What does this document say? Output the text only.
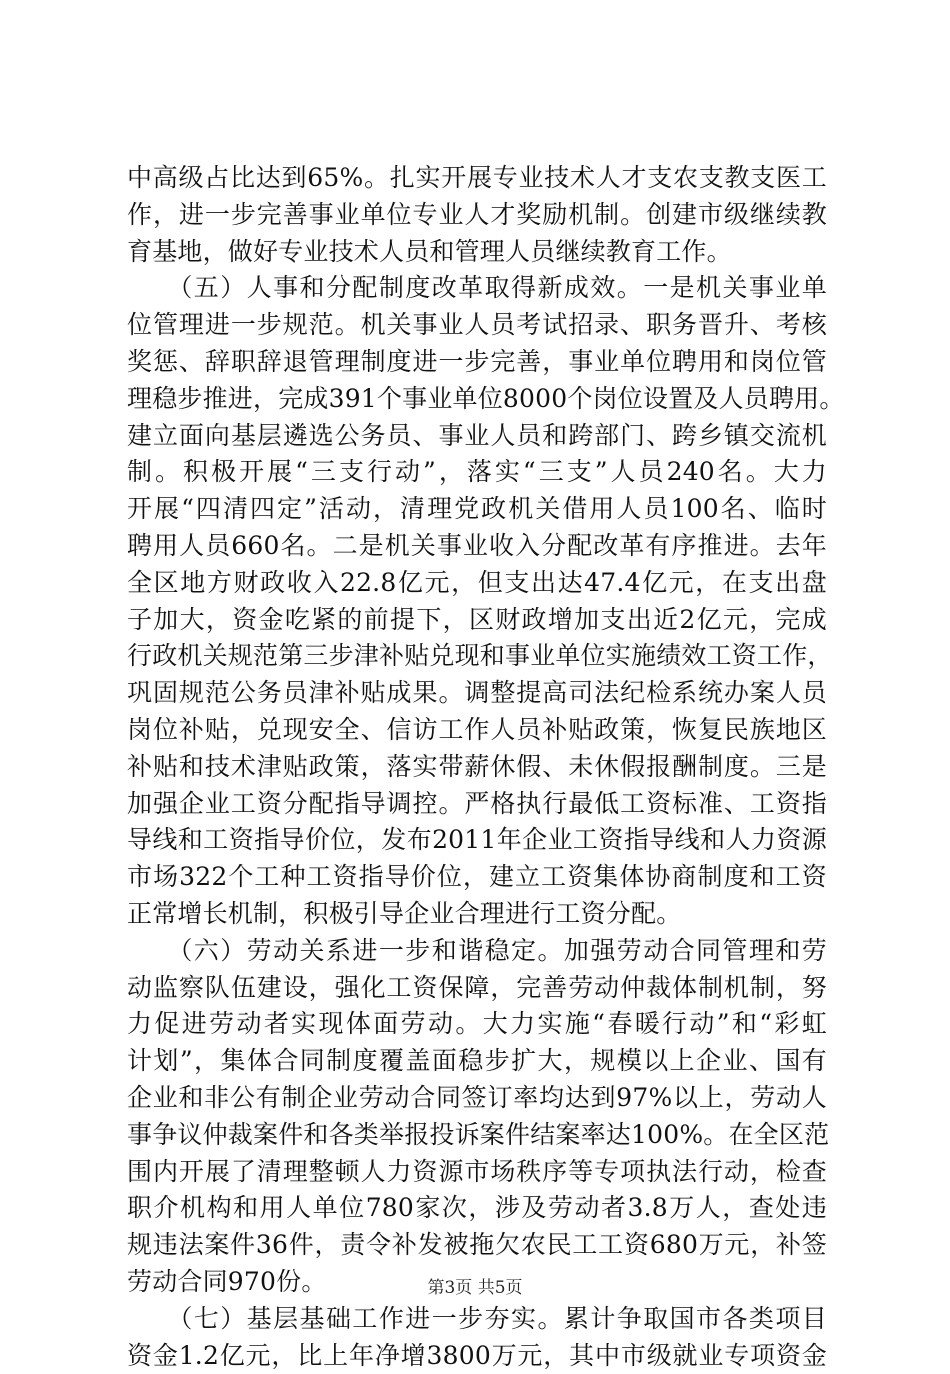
中高级占比达到65%。扎实开展专业技术人才支农支教支医工
作，进一步完善事业单位专业人才奖励机制。创建市级继续教
育基地，做好专业技术人员和管理人员继续教育工作。
　　（五）人事和分配制度改革取得新成效。一是机关事业单
位管理进一步规范。机关事业人员考试招录、职务晋升、考核
奖惩、辞职辞退管理制度进一步完善，事业单位聘用和岗位管
理稳步推进，完成391个事业单位8000个岗位设置及人员聘用。
建立面向基层遴选公务员、事业人员和跨部门、跨乡镇交流机
制。积极开展“三支行动”，落实“三支”人员240名。大力
开展“四清四定”活动，清理党政机关借用人员100名、临时
聘用人员660名。二是机关事业收入分配改革有序推进。去年
全区地方财政收入22.8亿元，但支出达47.4亿元，在支出盘
子加大，资金吃紧的前提下，区财政增加支出近2亿元，完成
行政机关规范第三步津补贴兑现和事业单位实施绩效工资工作，
巩固规范公务员津补贴成果。调整提高司法纪检系统办案人员
岗位补贴，兑现安全、信访工作人员补贴政策，恢复民族地区
补贴和技术津贴政策，落实带薪休假、未休假报酬制度。三是
加强企业工资分配指导调控。严格执行最低工资标准、工资指
导线和工资指导价位，发布2011年企业工资指导线和人力资源
市场322个工种工资指导价位，建立工资集体协商制度和工资
正常增长机制，积极引导企业合理进行工资分配。
　　（六）劳动关系进一步和谐稳定。加强劳动合同管理和劳
动监察队伍建设，强化工资保障，完善劳动仲裁体制机制，努
力促进劳动者实现体面劳动。大力实施“春暖行动”和“彩虹
计划”，集体合同制度覆盖面稳步扩大，规模以上企业、国有
企业和非公有制企业劳动合同签订率均达到97%以上，劳动人
事争议仲裁案件和各类举报投诉案件结案率达100%。在全区范
围内开展了清理整顿人力资源市场秩序等专项执法行动，检查
职介机构和用人单位780家次，涉及劳动者3.8万人，查处违
规违法案件36件，责令补发被拖欠农民工工资680万元，补签
劳动合同970份。
　　（七）基层基础工作进一步夯实。累计争取国市各类项目
资金1.2亿元，比上年净增3800万元，其中市级就业专项资金
第3页 共5页
